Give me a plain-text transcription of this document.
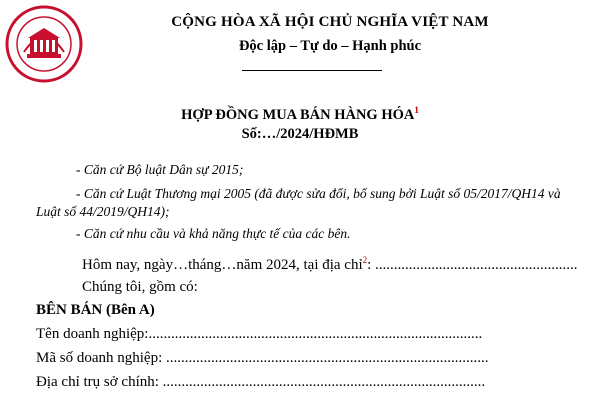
CỘNG HÒA XÃ HỘI CHỦ NGHĨA VIỆT NAM
Độc lập – Tự do – Hạnh phúc
HỢP ĐỒNG MUA BÁN HÀNG HÓA$^1$
Số:…/2024/HĐMB
- Căn cứ Bộ luật Dân sự 2015;
- Căn cứ Luật Thương mại 2005 (đã được sửa đổi, bổ sung bởi Luật số 05/2017/QH14 và
Luật số 44/2019/QH14);
- Căn cứ nhu cầu và khả năng thực tế của các bên.
Hôm nay, ngày…tháng…năm 2024, tại địa chỉ$^2$: ......................................................
Chúng tôi, gồm có:
BÊN BÁN (Bên A)
Tên doanh nghiệp:.........................................................................................
Mã số doanh nghiệp: ......................................................................................
Địa chỉ trụ sở chính: ......................................................................................
